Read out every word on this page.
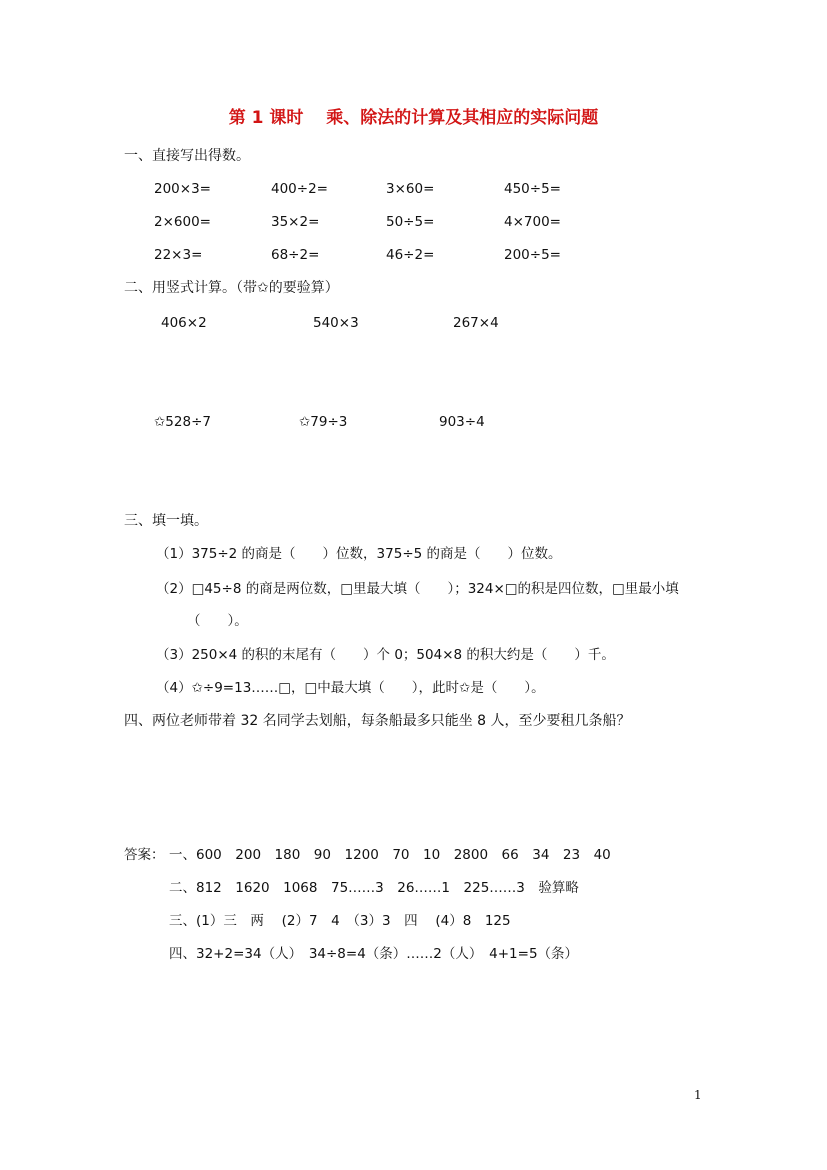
第 1 课时　 乘、除法的计算及其相应的实际问题
一、直接写出得数。
200×3=	400÷2=	3×60=	450÷5=
2×600=	35×2=	50÷5=	4×700=
22×3=	68÷2=	46÷2=	200÷5=
二、用竖式计算。（带✩的要验算）
406×2	540×3	267×4
✩528÷7	✩79÷3	903÷4
三、填一填。
（1）375÷2 的商是（　　）位数，375÷5 的商是（　　）位数。
（2）□45÷8 的商是两位数，□里最大填（　　）；324×□的积是四位数，□里最小填
（　　）。
（3）250×4 的积的末尾有（　　）个 0；504×8 的积大约是（　　）千。
（4）✩÷9=13……□，□中最大填（　　），此时✩是（　　）。
四、两位老师带着 32 名同学去划船，每条船最多只能坐 8 人，至少要租几条船？
答案： 一、600　200　180　90　1200　70　10　2800　66　34　23　40
二、812　1620　1068　75……3　26……1　225……3　验算略
三、(1）三　两　 (2）7　4　（3）3　四　 (4）8　125
四、32+2=34（人）　34÷8=4（条）……2（人）　4+1=5（条）
1
